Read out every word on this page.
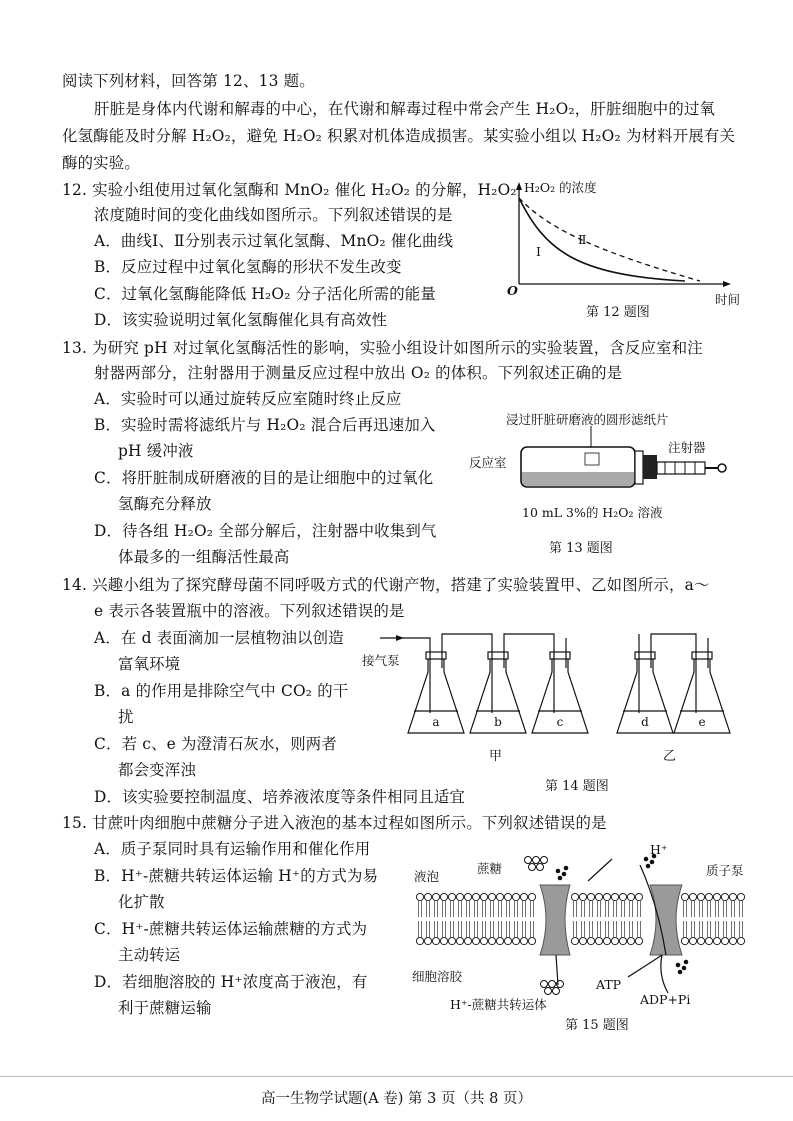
阅读下列材料，回答第 12、13 题。
肝脏是身体内代谢和解毒的中心，在代谢和解毒过程中常会产生 H₂O₂，肝脏细胞中的过氧
化氢酶能及时分解 H₂O₂，避免 H₂O₂ 积累对机体造成损害。某实验小组以 H₂O₂ 为材料开展有关
酶的实验。
12. 实验小组使用过氧化氢酶和 MnO₂ 催化 H₂O₂ 的分解，H₂O₂
浓度随时间的变化曲线如图所示。下列叙述错误的是
A．曲线Ⅰ、Ⅱ分别表示过氧化氢酶、MnO₂ 催化曲线
B．反应过程中过氧化氢酶的形状不发生改变
C．过氧化氢酶能降低 H₂O₂ 分子活化所需的能量
D．该实验说明过氧化氢酶催化具有高效性
H₂O₂ 的浓度
时间
O
Ⅰ
Ⅱ
第 12 题图
13. 为研究 pH 对过氧化氢酶活性的影响，实验小组设计如图所示的实验装置，含反应室和注
射器两部分，注射器用于测量反应过程中放出 O₂ 的体积。下列叙述正确的是
A．实验时可以通过旋转反应室随时终止反应
B．实验时需将滤纸片与 H₂O₂ 混合后再迅速加入
pH 缓冲液
C．将肝脏制成研磨液的目的是让细胞中的过氧化
氢酶充分释放
D．待各组 H₂O₂ 全部分解后，注射器中收集到气
体最多的一组酶活性最高
浸过肝脏研磨液的圆形滤纸片
反应室
注射器
10 mL 3%的 H₂O₂ 溶液
第 13 题图
14. 兴趣小组为了探究酵母菌不同呼吸方式的代谢产物，搭建了实验装置甲、乙如图所示，a～
e 表示各装置瓶中的溶液。下列叙述错误的是
A．在 d 表面滴加一层植物油以创造
富氧环境
B．a 的作用是排除空气中 CO₂ 的干
扰
C．若 c、e 为澄清石灰水，则两者
都会变浑浊
D．该实验要控制温度、培养液浓度等条件相同且适宜
接气泵
a	b	c	d	e
甲	乙
第 14 题图
15. 甘蔗叶肉细胞中蔗糖分子进入液泡的基本过程如图所示。下列叙述错误的是
A．质子泵同时具有运输作用和催化作用
B．H⁺-蔗糖共转运体运输 H⁺的方式为易
化扩散
C．H⁺-蔗糖共转运体运输蔗糖的方式为
主动转运
D．若细胞溶胶的 H⁺浓度高于液泡，有
利于蔗糖运输
液泡
蔗糖
H⁺
质子泵
细胞溶胶
ATP
ADP+Pi
H⁺-蔗糖共转运体
第 15 题图
高一生物学试题(A 卷) 第 3 页（共 8 页）
